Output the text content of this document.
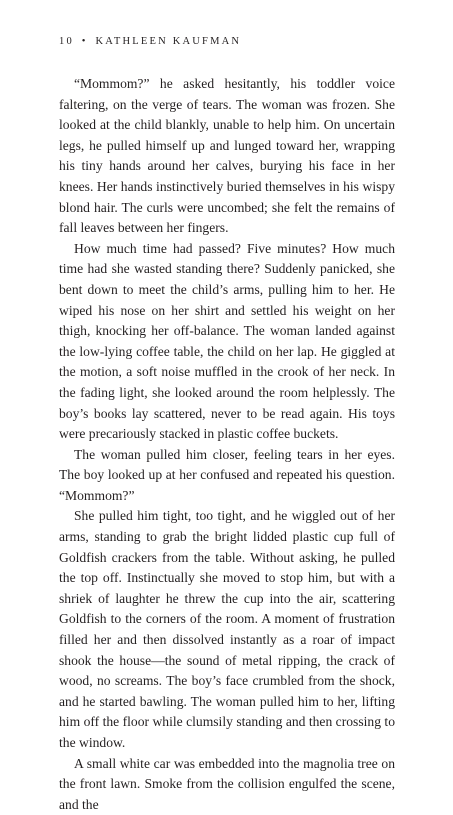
10 • KATHLEEN KAUFMAN

“Mommom?” he asked hesitantly, his toddler voice faltering, on the verge of tears. The woman was frozen. She looked at the child blankly, unable to help him. On uncertain legs, he pulled himself up and lunged toward her, wrapping his tiny hands around her calves, burying his face in her knees. Her hands instinctively buried themselves in his wispy blond hair. The curls were uncombed; she felt the remains of fall leaves between her fingers.

How much time had passed? Five minutes? How much time had she wasted standing there? Suddenly panicked, she bent down to meet the child’s arms, pulling him to her. He wiped his nose on her shirt and settled his weight on her thigh, knocking her off-balance. The woman landed against the low-lying coffee table, the child on her lap. He giggled at the motion, a soft noise muffled in the crook of her neck. In the fading light, she looked around the room helplessly. The boy’s books lay scattered, never to be read again. His toys were precariously stacked in plastic coffee buckets.

The woman pulled him closer, feeling tears in her eyes. The boy looked up at her confused and repeated his question. “Mommom?”

She pulled him tight, too tight, and he wiggled out of her arms, standing to grab the bright lidded plastic cup full of Goldfish crackers from the table. Without asking, he pulled the top off. Instinctually she moved to stop him, but with a shriek of laughter he threw the cup into the air, scattering Goldfish to the corners of the room. A moment of frustration filled her and then dissolved instantly as a roar of impact shook the house—the sound of metal ripping, the crack of wood, no screams. The boy’s face crumbled from the shock, and he started bawling. The woman pulled him to her, lifting him off the floor while clumsily standing and then crossing to the window.

A small white car was embedded into the magnolia tree on the front lawn. Smoke from the collision engulfed the scene, and the
